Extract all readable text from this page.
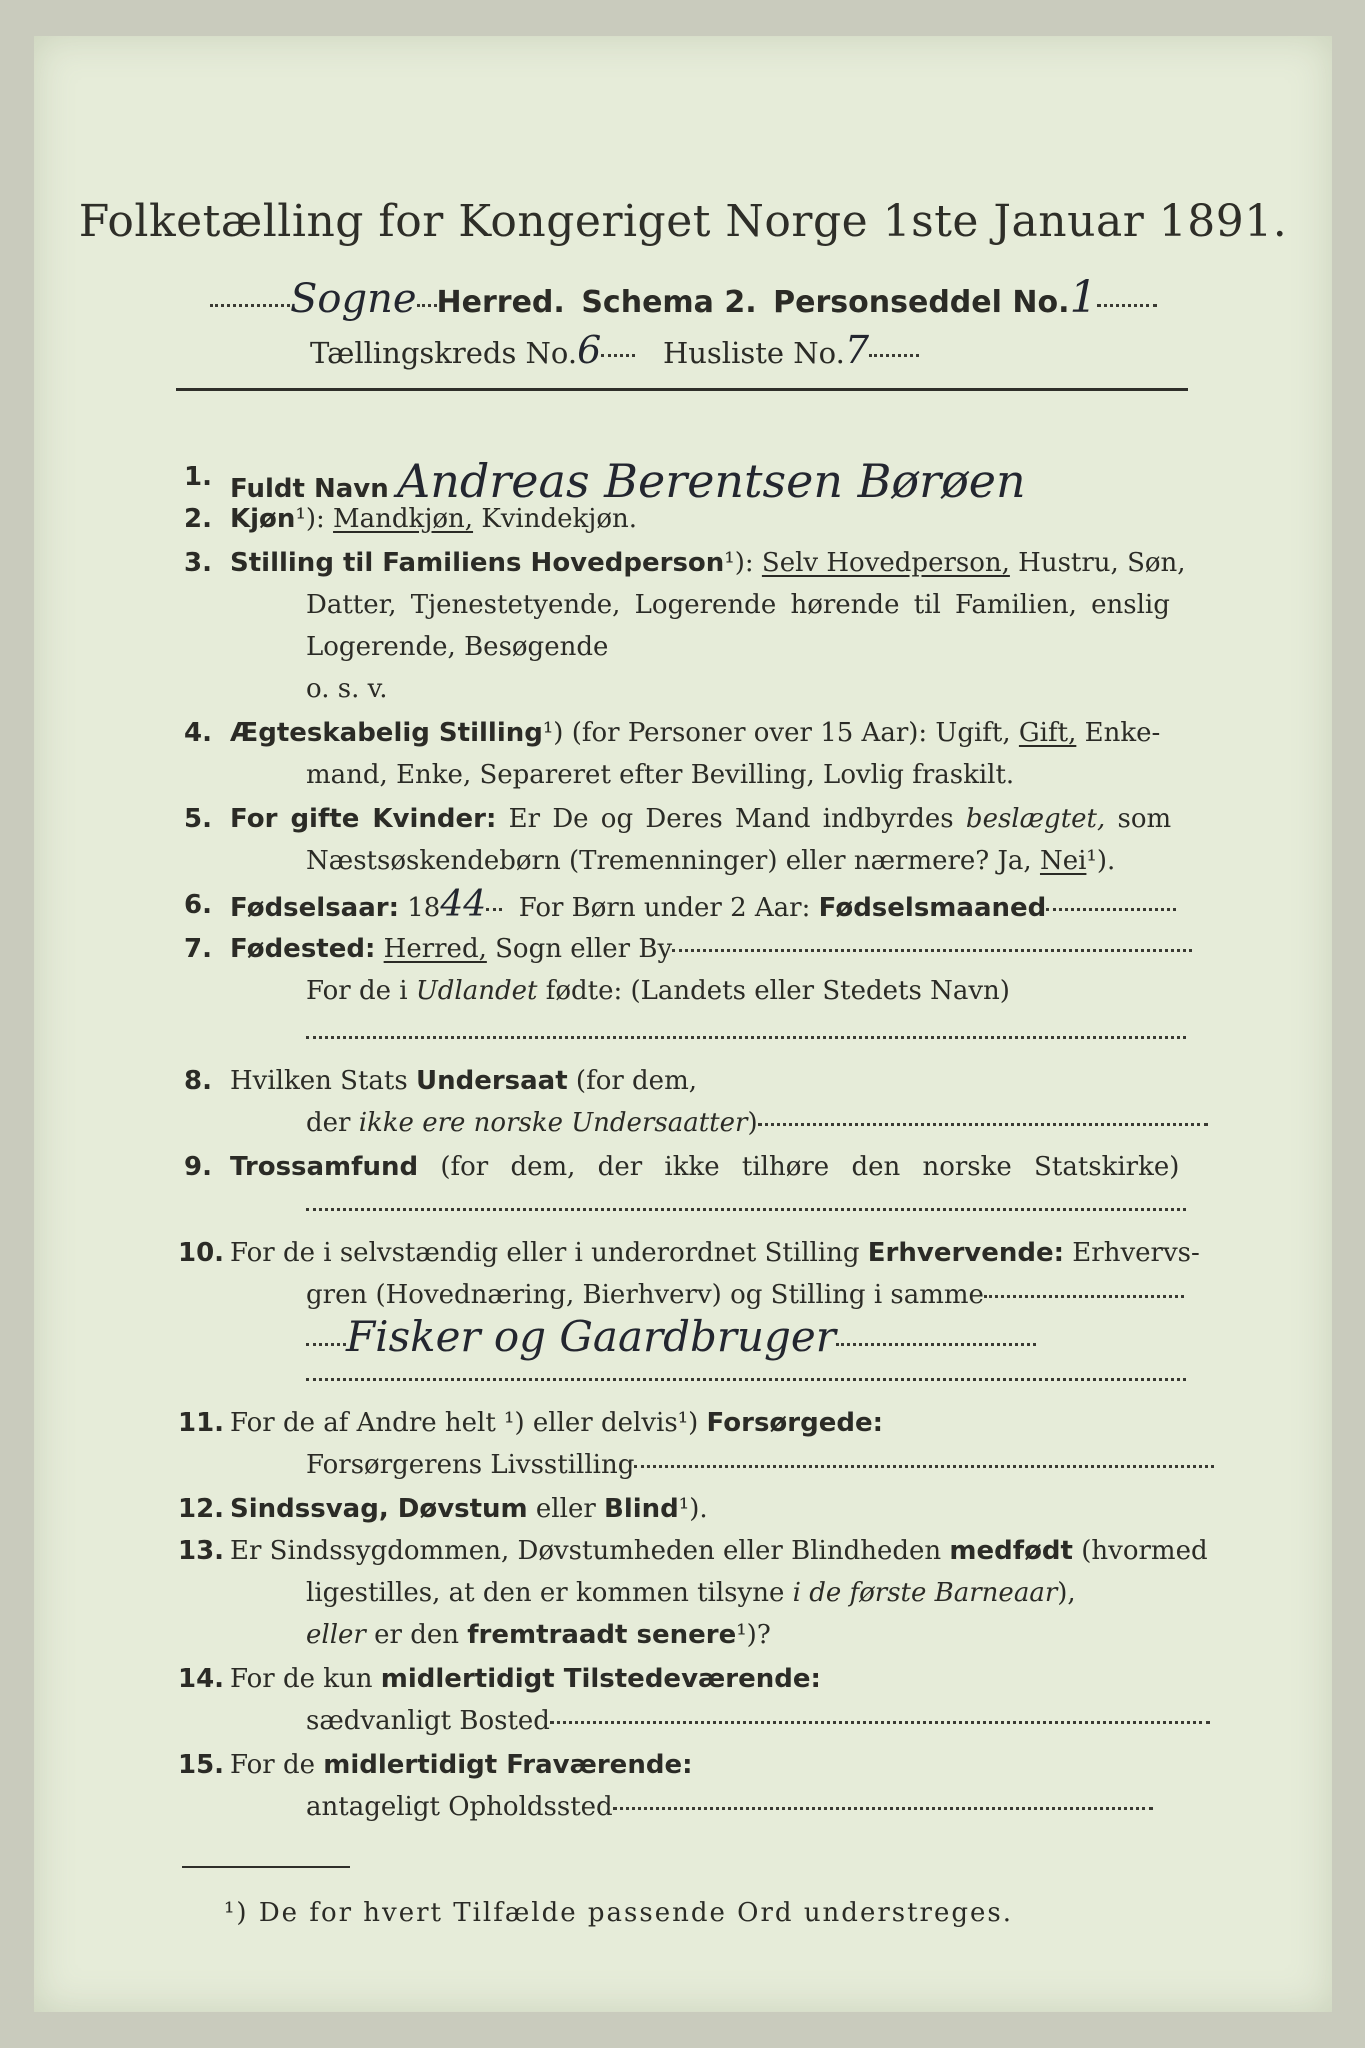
Folketælling for Kongeriget Norge 1ste Januar 1891.
Sogne Herred. Schema 2. Personseddel No.1
Tællingskreds No.6 Husliste No.7
1. Fuldt Navn Andreas Berentsen Børøen
2. Kjøn¹): Mandkjøn, Kvindekjøn.
3. Stilling til Familiens Hovedperson¹): Selv Hovedperson, Hustru, Søn,
Datter, Tjenestetyende, Logerende hørende til Familien, enslig
Logerende, Besøgende
o. s. v.
4. Ægteskabelig Stilling¹) (for Personer over 15 Aar): Ugift, Gift, Enke-
mand, Enke, Separeret efter Bevilling, Lovlig fraskilt.
5. For gifte Kvinder: Er De og Deres Mand indbyrdes beslægtet, som
Næstsøskendebørn (Tremenninger) eller nærmere? Ja, Nei¹).
6. Fødselsaar: 1844 For Børn under 2 Aar: Fødselsmaaned
7. Fødested: Herred, Sogn eller By
For de i Udlandet fødte: (Landets eller Stedets Navn)
8. Hvilken Stats Undersaat (for dem,
der ikke ere norske Undersaatter)
9. Trossamfund (for dem, der ikke tilhøre den norske Statskirke)
10. For de i selvstændig eller i underordnet Stilling Erhvervende: Erhvervs-
gren (Hovednæring, Bierhverv) og Stilling i samme
Fisker og Gaardbruger
11. For de af Andre helt ¹) eller delvis¹) Forsørgede:
Forsørgerens Livsstilling
12. Sindssvag, Døvstum eller Blind¹).
13. Er Sindssygdommen, Døvstumheden eller Blindheden medfødt (hvormed
ligestilles, at den er kommen tilsyne i de første Barneaar),
eller er den fremtraadt senere¹)?
14. For de kun midlertidigt Tilstedeværende:
sædvanligt Bosted
15. For de midlertidigt Fraværende:
antageligt Opholdssted
¹) De for hvert Tilfælde passende Ord understreges.
